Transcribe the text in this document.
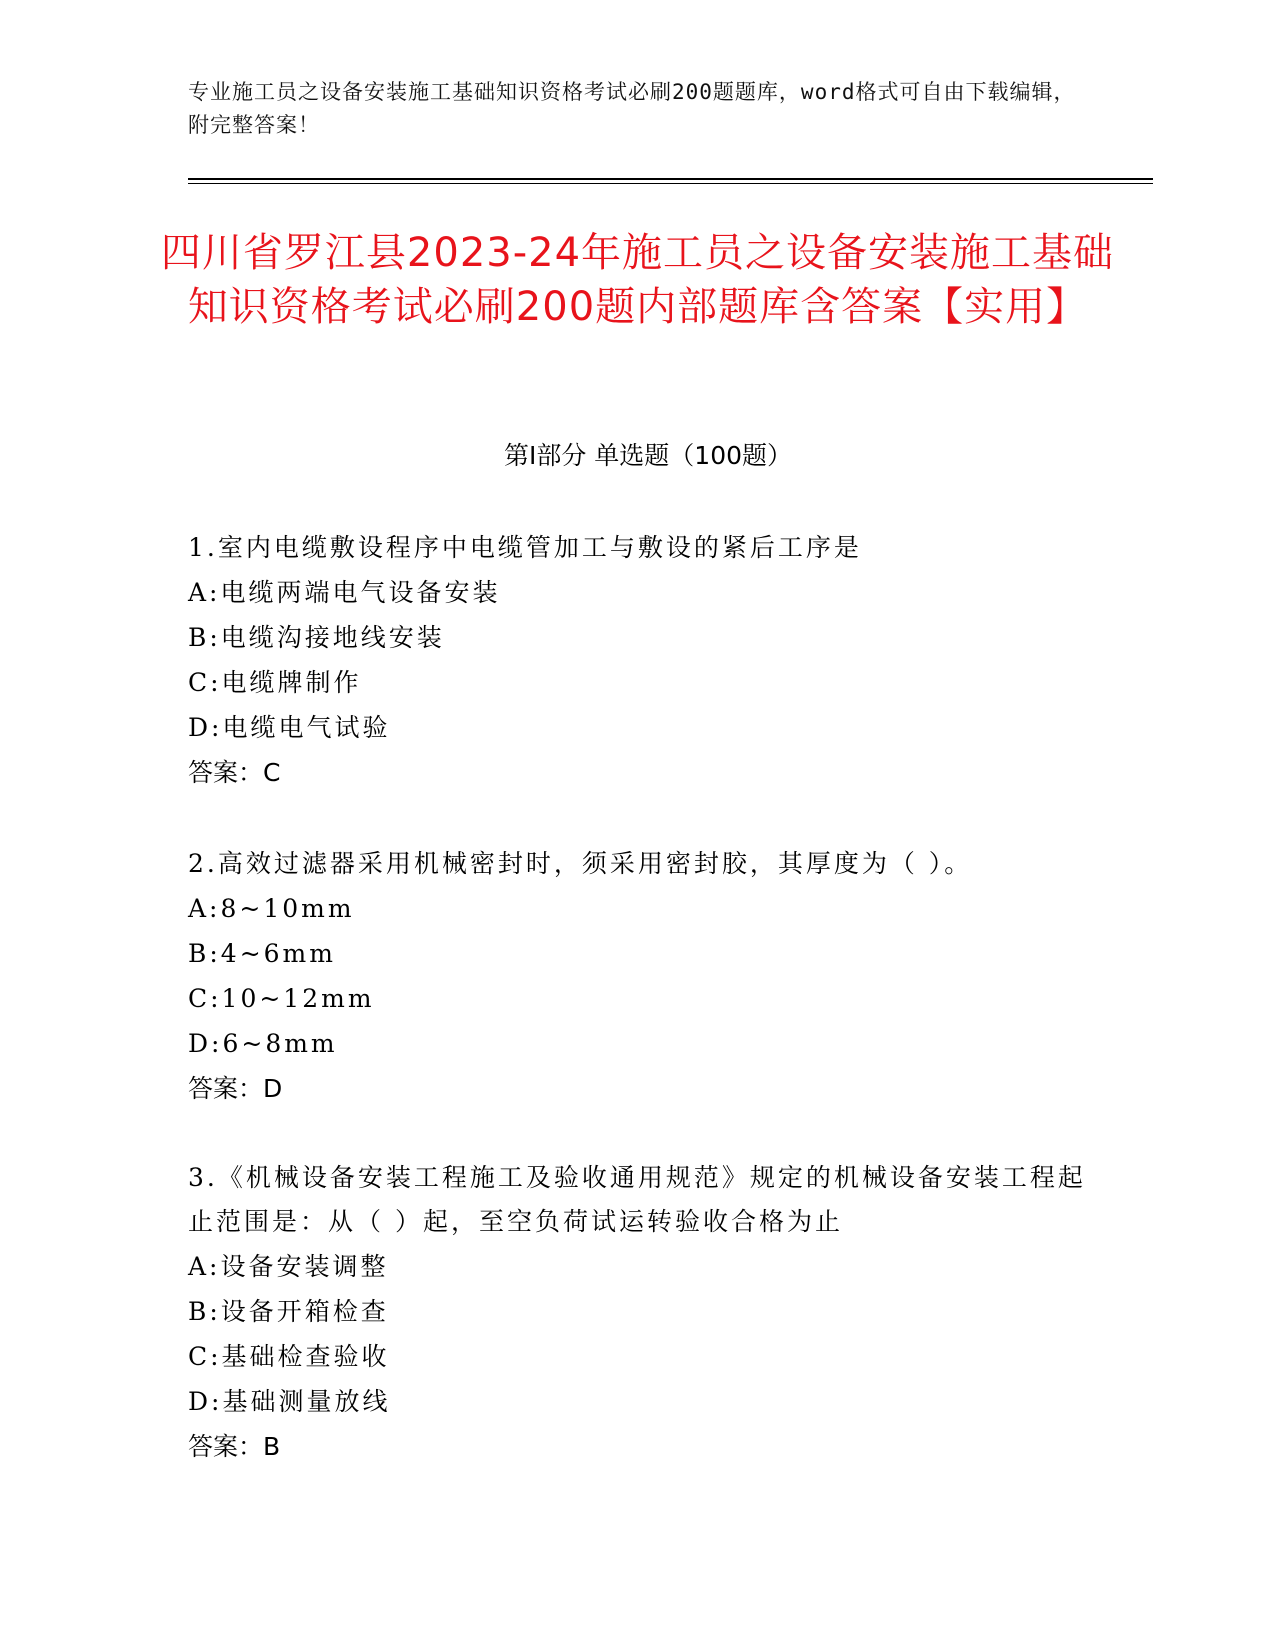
专业施工员之设备安装施工基础知识资格考试必刷200题题库，word格式可自由下载编辑，附完整答案！
四川省罗江县2023-24年施工员之设备安装施工基础知识资格考试必刷200题内部题库含答案【实用】
第Ⅰ部分 单选题（100题）
1.室内电缆敷设程序中电缆管加工与敷设的紧后工序是
A:电缆两端电气设备安装
B:电缆沟接地线安装
C:电缆牌制作
D:电缆电气试验
答案：C
2.高效过滤器采用机械密封时，须采用密封胶，其厚度为（ ）。
A:8~10mm
B:4~6mm
C:10~12mm
D:6~8mm
答案：D
3.《机械设备安装工程施工及验收通用规范》规定的机械设备安装工程起止范围是：从（ ）起，至空负荷试运转验收合格为止
A:设备安装调整
B:设备开箱检查
C:基础检查验收
D:基础测量放线
答案：B
